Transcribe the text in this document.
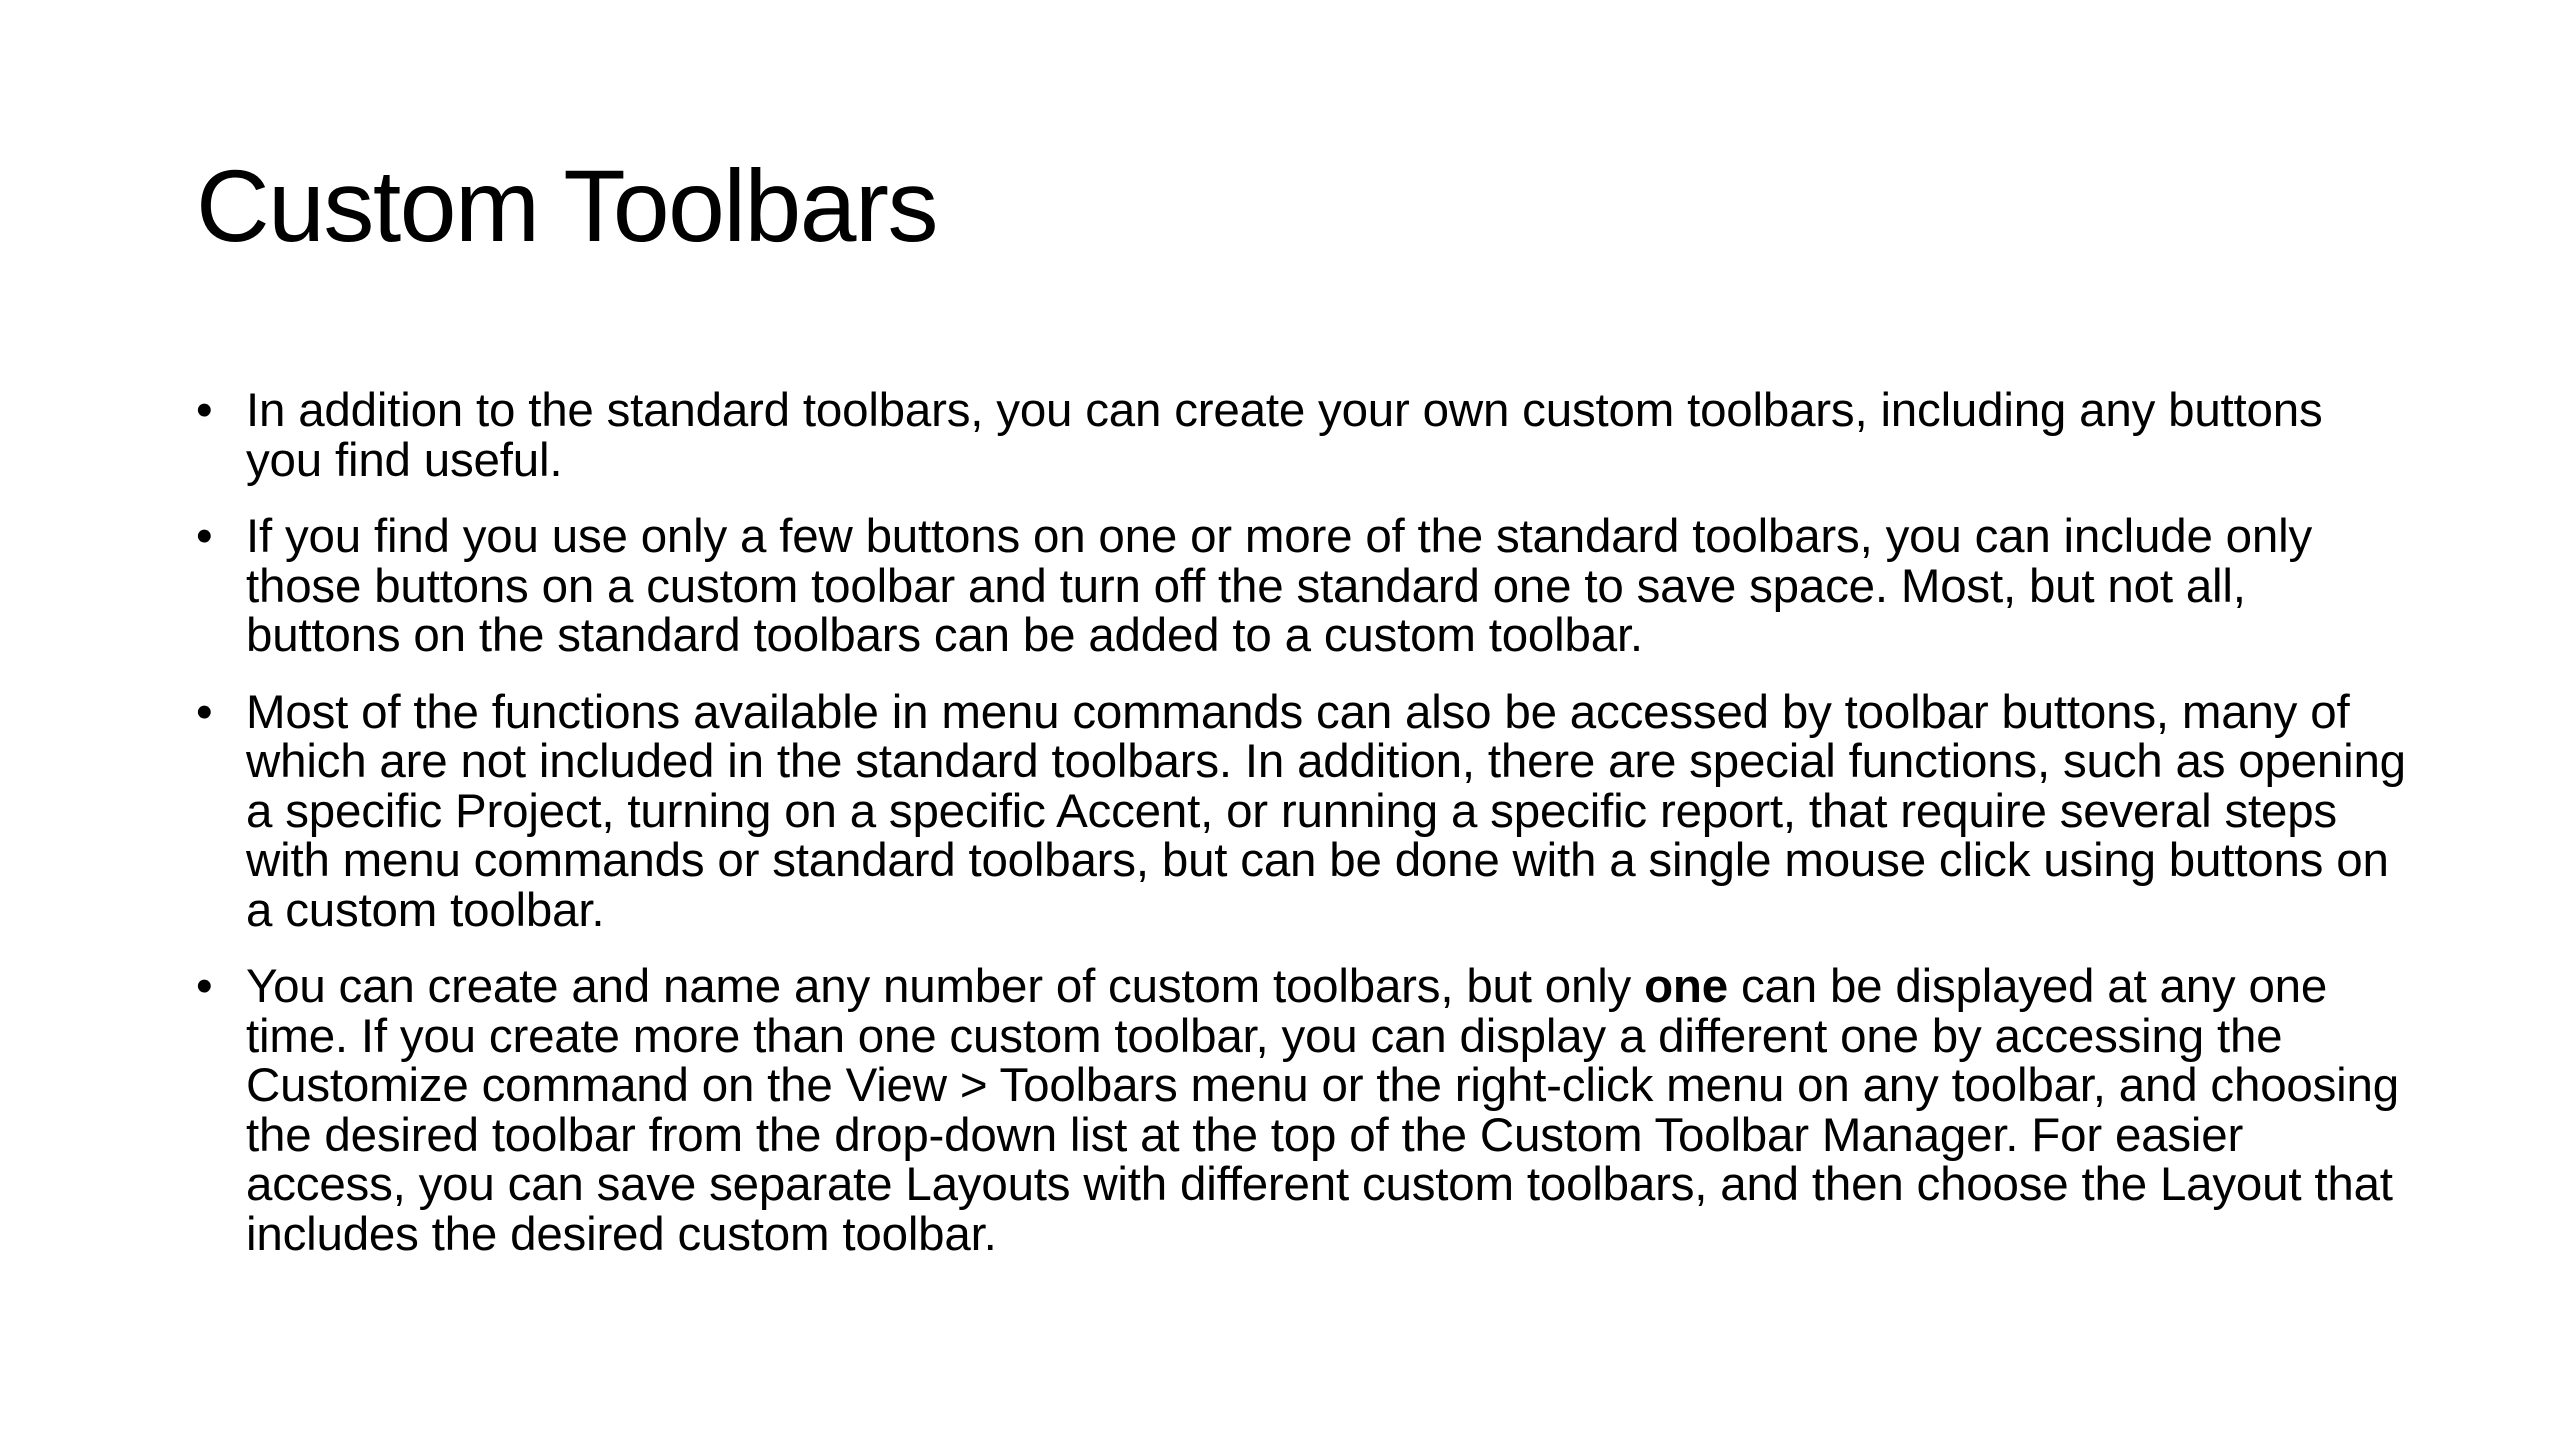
Custom Toolbars
• In addition to the standard toolbars, you can create your own custom toolbars, including any buttons you find useful.
• If you find you use only a few buttons on one or more of the standard toolbars, you can include only those buttons on a custom toolbar and turn off the standard one to save space. Most, but not all, buttons on the standard toolbars can be added to a custom toolbar.
• Most of the functions available in menu commands can also be accessed by toolbar buttons, many of which are not included in the standard toolbars. In addition, there are special functions, such as opening a specific Project, turning on a specific Accent, or running a specific report, that require several steps with menu commands or standard toolbars, but can be done with a single mouse click using buttons on a custom toolbar.
• You can create and name any number of custom toolbars, but only one can be displayed at any one time. If you create more than one custom toolbar, you can display a different one by accessing the Customize command on the View > Toolbars menu or the right-click menu on any toolbar, and choosing the desired toolbar from the drop-down list at the top of the Custom Toolbar Manager. For easier access, you can save separate Layouts with different custom toolbars, and then choose the Layout that includes the desired custom toolbar.
